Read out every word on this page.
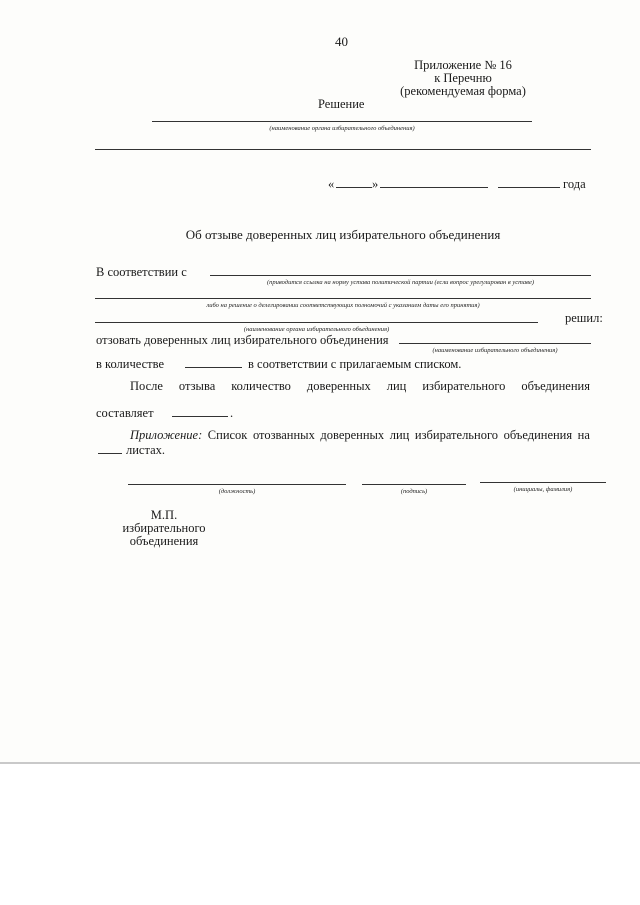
40
Приложение № 16
к Перечню
(рекомендуемая форма)
Решение
(наименование органа избирательного объединения)
«	»	года
Об отзыве доверенных лиц избирательного объединения
В соответствии с
(приводится ссылка на норму устава политической партии (если вопрос урегулирован в уставе)
либо на решение о делегировании соответствующих полномочий с указанием даты его принятия)
решил:
(наименование органа избирательного объединения)
отзовать доверенных лиц избирательного объединения
(наименование избирательного объединения)
в количестве	в соответствии с прилагаемым списком.
После отзыва количество доверенных лиц избирательного объединения
составляет	.
Приложение: Список отозванных доверенных лиц избирательного объединения на
листах.
(должность)	(подпись)	(инициалы, фамилия)
М.П.
избирательного
объединения
